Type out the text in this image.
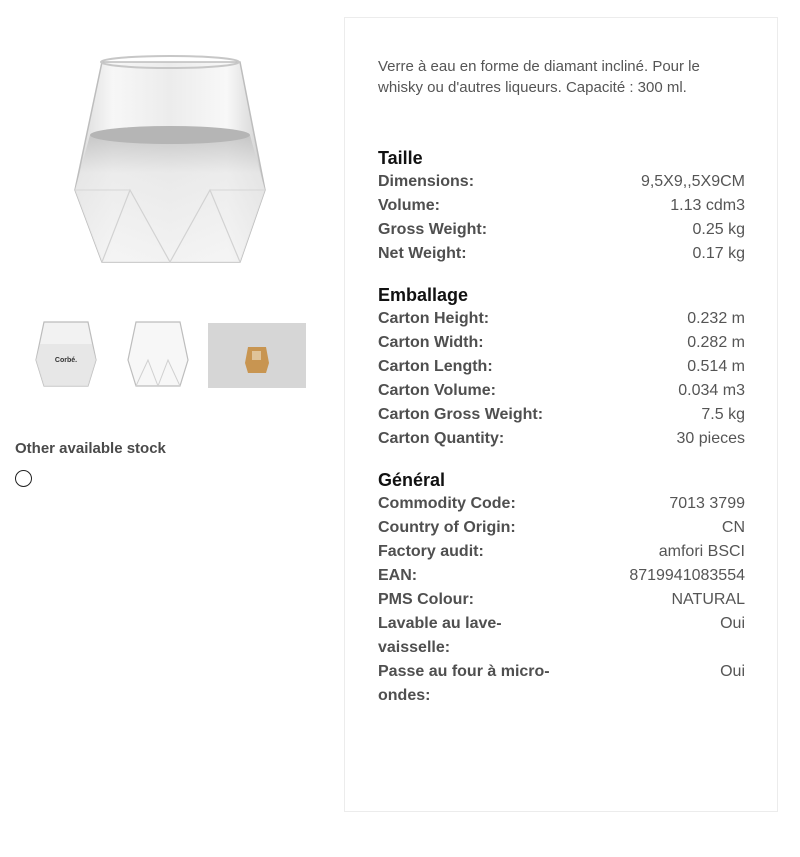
Corbé.
Other available stock
Verre à eau en forme de diamant incliné. Pour le whisky ou d'autres liqueurs. Capacité : 300 ml.
Taille
Dimensions:	9,5X9,,5X9CM
Volume:	1.13 cdm3
Gross Weight:	0.25 kg
Net Weight:	0.17 kg
Emballage
Carton Height:	0.232 m
Carton Width:	0.282 m
Carton Length:	0.514 m
Carton Volume:	0.034 m3
Carton Gross Weight:	7.5 kg
Carton Quantity:	30 pieces
Général
Commodity Code:	7013 3799
Country of Origin:	CN
Factory audit:	amfori BSCI
EAN:	8719941083554
PMS Colour:	NATURAL
Lavable au lave-vaisselle:
Oui
Passe au four à micro-ondes:
Oui
